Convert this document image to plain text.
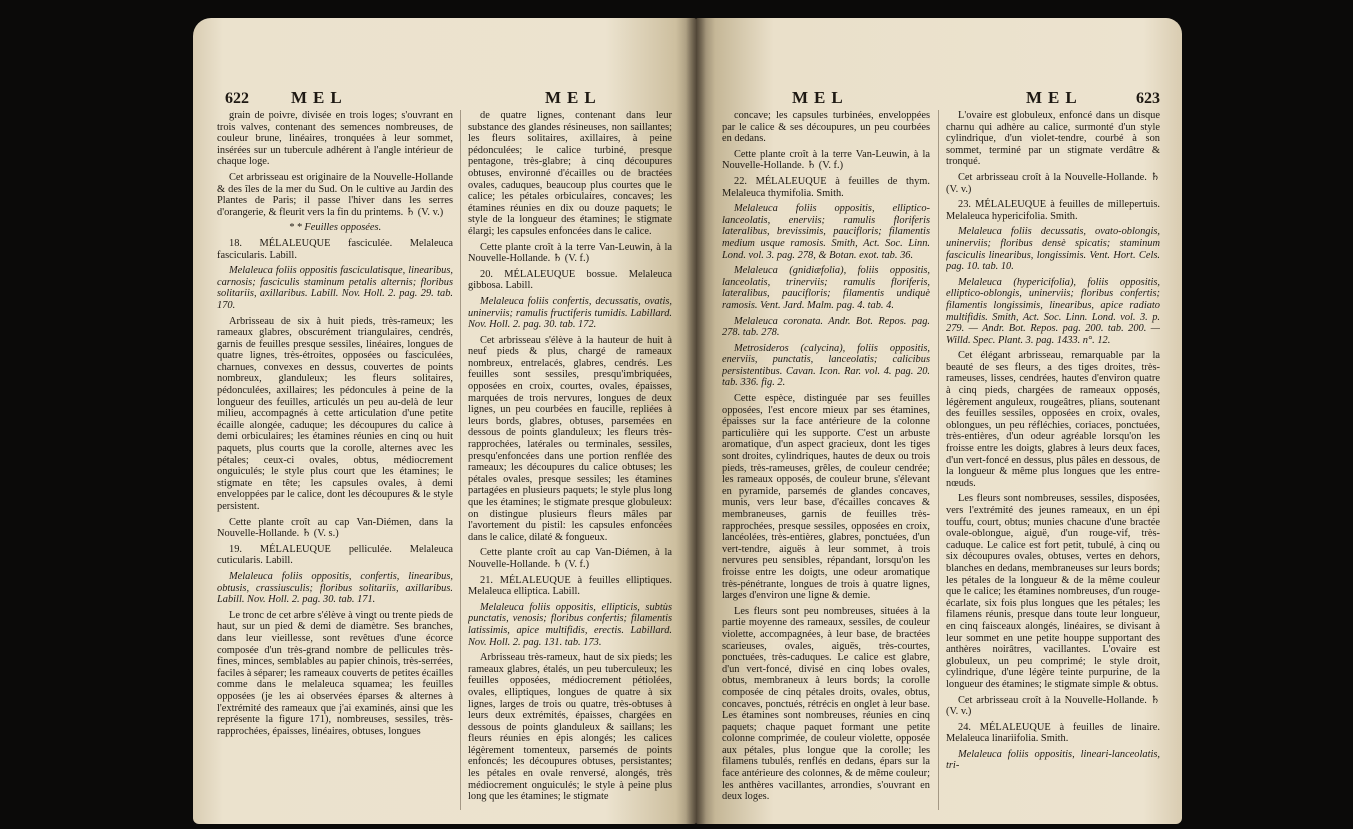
622 MEL	MEL

grain de poivre, divisée en trois loges; s'ouvrant en trois valves, contenant des semences nombreuses, de couleur brune, linéaires, tronquées à leur sommet, insérées sur un tubercule adhérent à l'angle intérieur de chaque loge.

Cet arbrisseau est originaire de la Nouvelle-Hollande & des îles de la mer du Sud. On le cultive au Jardin des Plantes de Paris; il passe l'hiver dans les serres d'orangerie, & fleurit vers la fin du printems. ♄ (V. v.)

* * Feuilles opposées.

18. MÉLALEUQUE fasciculée. Melaleuca fascicularis. Labill.

Melaleuca foliis oppositis fasciculatisque, linearibus, carnosis; fasciculis staminum petalis alternis; floribus solitariis, axillaribus. Labill. Nov. Holl. 2. pag. 29. tab. 170.

Arbrisseau de six à huit pieds, très-rameux; les rameaux glabres, obscurément triangulaires, cendrés, garnis de feuilles presque sessiles, linéaires, longues de quatre lignes, très-étroites, opposées ou fasciculées, charnues, convexes en dessus, couvertes de points nombreux, glanduleux; les fleurs solitaires, pédonculées, axillaires; les pédoncules à peine de la longueur des feuilles, articulés un peu au-delà de leur milieu, accompagnés à cette articulation d'une petite écaille alongée, caduque; les découpures du calice à demi orbiculaires; les étamines réunies en cinq ou huit paquets, plus courts que la corolle, alternes avec les pétales; ceux-ci ovales, obtus, médiocrement onguiculés; le style plus court que les étamines; le stigmate en tête; les capsules ovales, à demi enveloppées par le calice, dont les découpures & le style persistent.

Cette plante croît au cap Van-Diémen, dans la Nouvelle-Hollande. ♄ (V. s.)

19. MÉLALEUQUE pelliculée. Melaleuca cuticularis. Labill.

Melaleuca foliis oppositis, confertis, linearibus, obtusis, crassiusculis; floribus solitariis, axillaribus. Labill. Nov. Holl. 2. pag. 30. tab. 171.

Le tronc de cet arbre s'élève à vingt ou trente pieds de haut, sur un pied & demi de diamètre. Ses branches, dans leur vieillesse, sont revêtues d'une écorce composée d'un très-grand nombre de pellicules très-fines, minces, semblables au papier chinois, très-serrées, faciles à séparer; les rameaux couverts de petites écailles comme dans le melaleuca squamea; les feuilles opposées (je les ai observées éparses & alternes à l'extrémité des rameaux que j'ai examinés, ainsi que les représente la figure 171), nombreuses, sessiles, très-rapprochées, épaisses, linéaires, obtuses, longues

de quatre lignes, contenant dans leur substance des glandes résineuses, non saillantes; les fleurs solitaires, axillaires, à peine pédonculées; le calice turbiné, presque pentagone, très-glabre; à cinq découpures obtuses, environné d'écailles ou de bractées ovales, caduques, beaucoup plus courtes que le calice; les pétales orbiculaires, concaves; les étamines réunies en dix ou douze paquets; le style de la longueur des étamines; le stigmate élargi; les capsules enfoncées dans le calice.

Cette plante croît à la terre Van-Leuwin, à la Nouvelle-Hollande. ♄ (V. f.)

20. MÉLALEUQUE bossue. Melaleuca gibbosa. Labill.

Melaleuca foliis confertis, decussatis, ovatis, uninerviis; ramulis fructiferis tumidis. Labillard. Nov. Holl. 2. pag. 30. tab. 172.

Cet arbrisseau s'élève à la hauteur de huit à neuf pieds & plus, chargé de rameaux nombreux, entrelacés, glabres, cendrés. Les feuilles sont sessiles, presqu'imbriquées, opposées en croix, courtes, ovales, épaisses, marquées de trois nervures, longues de deux lignes, un peu courbées en faucille, repliées à leurs bords, glabres, obtuses, parsemées en dessous de points glanduleux; les fleurs très-rapprochées, latérales ou terminales, sessiles, presqu'enfoncées dans une portion renflée des rameaux; les découpures du calice obtuses; les pétales ovales, presque sessiles; les étamines partagées en plusieurs paquets; le style plus long que les étamines; le stigmate presque globuleux: on distingue plusieurs fleurs mâles par l'avortement du pistil: les capsules enfoncées dans le calice, dilaté & fongueux.

Cette plante croît au cap Van-Diémen, à la Nouvelle-Hollande. ♄ (V. f.)

21. MÉLALEUQUE à feuilles elliptiques. Melaleuca elliptica. Labill.

Melaleuca foliis oppositis, ellipticis, subtùs punctatis, venosis; floribus confertis; filamentis latissimis, apice multifidis, erectis. Labillard. Nov. Holl. 2. pag. 131. tab. 173.

Arbrisseau très-rameux, haut de six pieds; les rameaux glabres, étalés, un peu tuberculeux; les feuilles opposées, médiocrement pétiolées, ovales, elliptiques, longues de quatre à six lignes, larges de trois ou quatre, très-obtuses à leurs deux extrémités, épaisses, chargées en dessous de points glanduleux & saillans; les fleurs réunies en épis alongés; les calices légèrement tomenteux, parsemés de points enfoncés; les découpures obtuses, persistantes; les pétales en ovale renversé, alongés, très médiocrement onguiculés; le style à peine plus long que les étamines; le stigmate

MEL	MEL	623

concave; les capsules turbinées, enveloppées par le calice & ses découpures, un peu courbées en dedans.

Cette plante croît à la terre Van-Leuwin, à la Nouvelle-Hollande. ♄ (V. f.)

22. MÉLALEUQUE à feuilles de thym. Melaleuca thymifolia. Smith.

Melaleuca foliis oppositis, elliptico-lanceolatis, enerviis; ramulis floriferis lateralibus, brevissimis, paucifloris; filamentis medium usque ramosis. Smith, Act. Soc. Linn. Lond. vol. 3. pag. 278, & Botan. exot. tab. 36.

Melaleuca (gnidiæfolia), foliis oppositis, lanceolatis, trinerviis; ramulis floriferis, lateralibus, paucifloris; filamentis undiquè ramosis. Vent. Jard. Malm. pag. 4. tab. 4.

Melaleuca coronata. Andr. Bot. Repos. pag. 278. tab. 278.

Metrosideros (calycina), foliis oppositis, enerviis, punctatis, lanceolatis; calicibus persistentibus. Cavan. Icon. Rar. vol. 4. pag. 20. tab. 336. fig. 2.

Cette espèce, distinguée par ses feuilles opposées, l'est encore mieux par ses étamines, épaisses sur la face antérieure de la colonne particulière qui les supporte. C'est un arbuste aromatique, d'un aspect gracieux, dont les tiges sont droites, cylindriques, hautes de deux ou trois pieds, très-rameuses, grêles, de couleur cendrée; les rameaux opposés, de couleur brune, s'élevant en pyramide, parsemés de glandes concaves, munis, vers leur base, d'écailles concaves & membraneuses, garnis de feuilles très-rapprochées, presque sessiles, opposées en croix, lancéolées, très-entières, glabres, ponctuées, d'un vert-tendre, aiguës à leur sommet, à trois nervures peu sensibles, répandant, lorsqu'on les froisse entre les doigts, une odeur aromatique très-pénétrante, longues de trois à quatre lignes, larges d'environ une ligne & demie.

Les fleurs sont peu nombreuses, situées à la partie moyenne des rameaux, sessiles, de couleur violette, accompagnées, à leur base, de bractées scarieuses, ovales, aiguës, très-courtes, ponctuées, très-caduques. Le calice est glabre, d'un vert-foncé, divisé en cinq lobes ovales, obtus, membraneux à leurs bords; la corolle composée de cinq pétales droits, ovales, obtus, concaves, ponctués, rétrécis en onglet à leur base. Les étamines sont nombreuses, réunies en cinq paquets; chaque paquet formant une petite colonne comprimée, de couleur violette, opposée aux pétales, plus longue que la corolle; les filamens tubulés, renflés en dedans, épars sur la face antérieure des colonnes, & de même couleur; les anthères vacillantes, arrondies, s'ouvrant en deux loges.

L'ovaire est globuleux, enfoncé dans un disque charnu qui adhère au calice, surmonté d'un style cylindrique, d'un violet-tendre, courbé à son sommet, terminé par un stigmate verdâtre & tronqué.

Cet arbrisseau croît à la Nouvelle-Hollande. ♄ (V. v.)

23. MÉLALEUQUE à feuilles de millepertuis. Melaleuca hypericifolia. Smith.

Melaleuca foliis decussatis, ovato-oblongis, uninerviis; floribus densè spicatis; staminum fasciculis linearibus, longissimis. Vent. Hort. Cels. pag. 10. tab. 10.

Melaleuca (hypericifolia), foliis oppositis, elliptico-oblongis, uninerviis; floribus confertis; filamentis longissimis, linearibus, apice radiato multifidis. Smith, Act. Soc. Linn. Lond. vol. 3. p. 279. — Andr. Bot. Repos. pag. 200. tab. 200. — Willd. Spec. Plant. 3. pag. 1433. n°. 12.

Cet élégant arbrisseau, remarquable par la beauté de ses fleurs, a des tiges droites, très-rameuses, lisses, cendrées, hautes d'environ quatre à cinq pieds, chargées de rameaux opposés, légèrement anguleux, rougeâtres, plians, soutenant des feuilles sessiles, opposées en croix, ovales, oblongues, un peu réfléchies, coriaces, ponctuées, très-entières, d'un odeur agréable lorsqu'on les froisse entre les doigts, glabres à leurs deux faces, d'un vert-foncé en dessus, plus pâles en dessous, de la longueur & même plus longues que les entre-nœuds.

Les fleurs sont nombreuses, sessiles, disposées, vers l'extrémité des jeunes rameaux, en un épi touffu, court, obtus; munies chacune d'une bractée ovale-oblongue, aiguë, d'un rouge-vif, très-caduque. Le calice est fort petit, tubulé, à cinq ou six découpures ovales, obtuses, vertes en dehors, blanches en dedans, membraneuses sur leurs bords; les pétales de la longueur & de la même couleur que le calice; les étamines nombreuses, d'un rouge-écarlate, six fois plus longues que les pétales; les filamens réunis, presque dans toute leur longueur, en cinq faisceaux alongés, linéaires, se divisant à leur sommet en une petite houppe supportant des anthères noirâtres, vacillantes. L'ovaire est globuleux, un peu comprimé; le style droit, cylindrique, d'une légère teinte purpurine, de la longueur des étamines; le stigmate simple & obtus.

Cet arbrisseau croît à la Nouvelle-Hollande. ♄ (V. v.)

24. MÉLALEUQUE à feuilles de linaire. Melaleuca linariifolia. Smith.

Melaleuca foliis oppositis, lineari-lanceolatis, tri-
